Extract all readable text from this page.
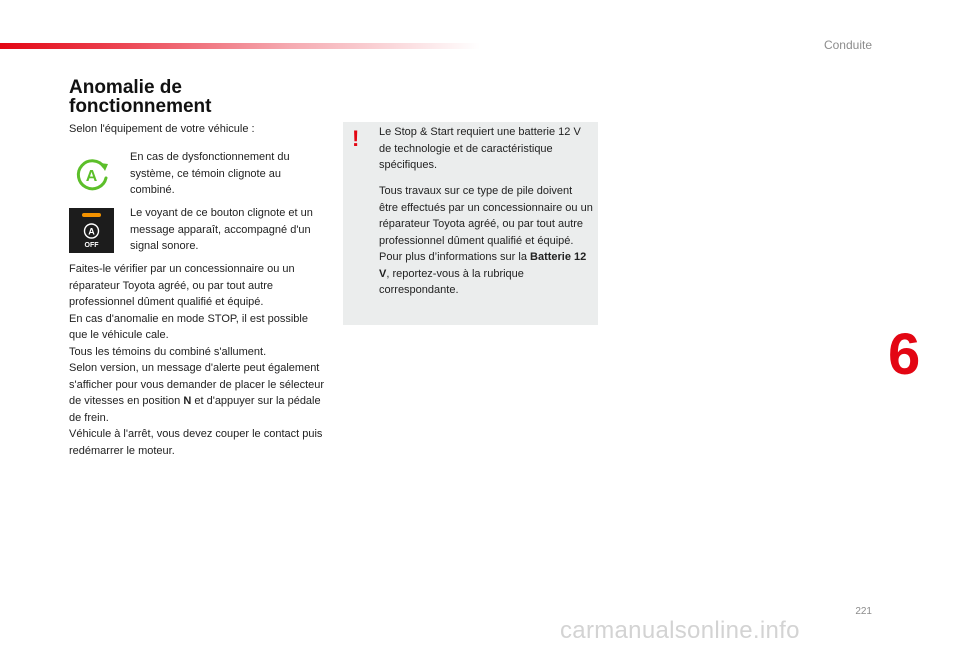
Conduite
Anomalie de
fonctionnement
Selon l'équipement de votre véhicule :
A
En cas de dysfonctionnement du système, ce témoin clignote au combiné.
A
OFF
Le voyant de ce bouton clignote et un message apparaît, accompagné d'un signal sonore.

Faites-le vérifier par un concessionnaire ou un réparateur Toyota agréé, ou par tout autre professionnel dûment qualifié et équipé.

En cas d'anomalie en mode STOP, il est possible que le véhicule cale.

Tous les témoins du combiné s'allument.

Selon version, un message d'alerte peut également s'afficher pour vous demander de placer le sélecteur de vitesses en position N et d'appuyer sur la pédale de frein.

Véhicule à l'arrêt, vous devez couper le contact puis redémarrer le moteur.

! Le Stop & Start requiert une batterie 12 V de technologie et de caractéristique spécifiques.

Tous travaux sur ce type de pile doivent être effectués par un concessionnaire ou un réparateur Toyota agréé, ou par tout autre professionnel dûment qualifié et équipé.
Pour plus d’informations sur la Batterie 12 V, reportez-vous à la rubrique correspondante.
6
221
carmanualsonline.info
